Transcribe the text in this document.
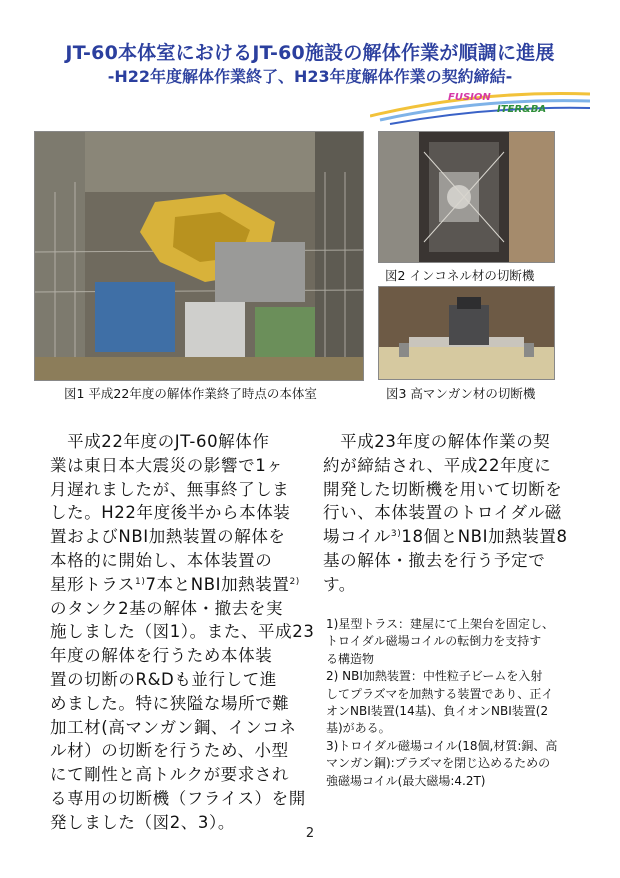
JT-60本体室におけるJT-60施設の解体作業が順調に進展
-H22年度解体作業終了、H23年度解体作業の契約締結-
FUSION
ITER&BA
図1 平成22年度の解体作業終了時点の本体室
図2 インコネル材の切断機
図3 高マンガン材の切断機
　平成22年度のJT-60解体作
業は東日本大震災の影響で1ヶ
月遅れましたが、無事終了しま
した。H22年度後半から本体装
置およびNBI加熱装置の解体を
本格的に開始し、本体装置の
星形トラス$^{1)}$7本とNBI加熱装置$^{2)}$
のタンク2基の解体・撤去を実
施しました（図1）。また、平成23
年度の解体を行うため本体装
置の切断のR&Dも並行して進
めました。特に狭隘な場所で難
加工材(高マンガン鋼、インコネ
ル材）の切断を行うため、小型
にて剛性と高トルクが要求され
る専用の切断機（フライス）を開
発しました（図2、3）。
　平成23年度の解体作業の契
約が締結され、平成22年度に
開発した切断機を用いて切断を
行い、本体装置のトロイダル磁
場コイル$^{3)}$18個とNBI加熱装置8
基の解体・撤去を行う予定で
す。
1)星型トラス：建屋にて上架台を固定し、
トロイダル磁場コイルの転倒力を支持す
る構造物
2) NBI加熱装置：中性粒子ビームを入射
してプラズマを加熱する装置であり、正イ
オンNBI装置(14基)、負イオンNBI装置(2
基)がある。
3)トロイダル磁場コイル(18個,材質:銅、高
マンガン鋼):プラズマを閉じ込めるための
強磁場コイル(最大磁場:4.2T)
2
